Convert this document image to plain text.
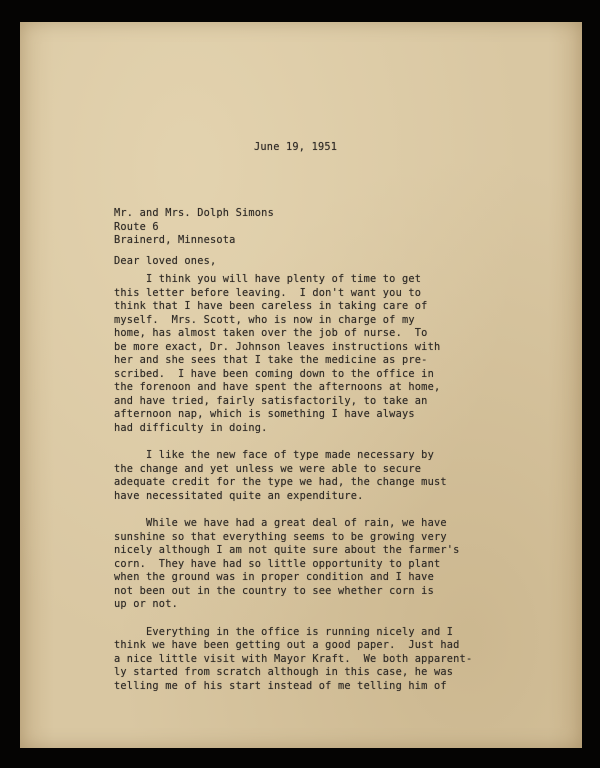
June 19, 1951
Mr. and Mrs. Dolph Simons
Route 6
Brainerd, Minnesota
Dear loved ones,
I think you will have plenty of time to get
this letter before leaving.  I don't want you to
think that I have been careless in taking care of
myself.  Mrs. Scott, who is now in charge of my
home, has almost taken over the job of nurse.  To
be more exact, Dr. Johnson leaves instructions with
her and she sees that I take the medicine as pre-
scribed.  I have been coming down to the office in
the forenoon and have spent the afternoons at home,
and have tried, fairly satisfactorily, to take an
afternoon nap, which is something I have always
had difficulty in doing.
I like the new face of type made necessary by
the change and yet unless we were able to secure
adequate credit for the type we had, the change must
have necessitated quite an expenditure.
While we have had a great deal of rain, we have
sunshine so that everything seems to be growing very
nicely although I am not quite sure about the farmer's
corn.  They have had so little opportunity to plant
when the ground was in proper condition and I have
not been out in the country to see whether corn is
up or not.
Everything in the office is running nicely and I
think we have been getting out a good paper.  Just had
a nice little visit with Mayor Kraft.  We both apparent-
ly started from scratch although in this case, he was
telling me of his start instead of me telling him of
